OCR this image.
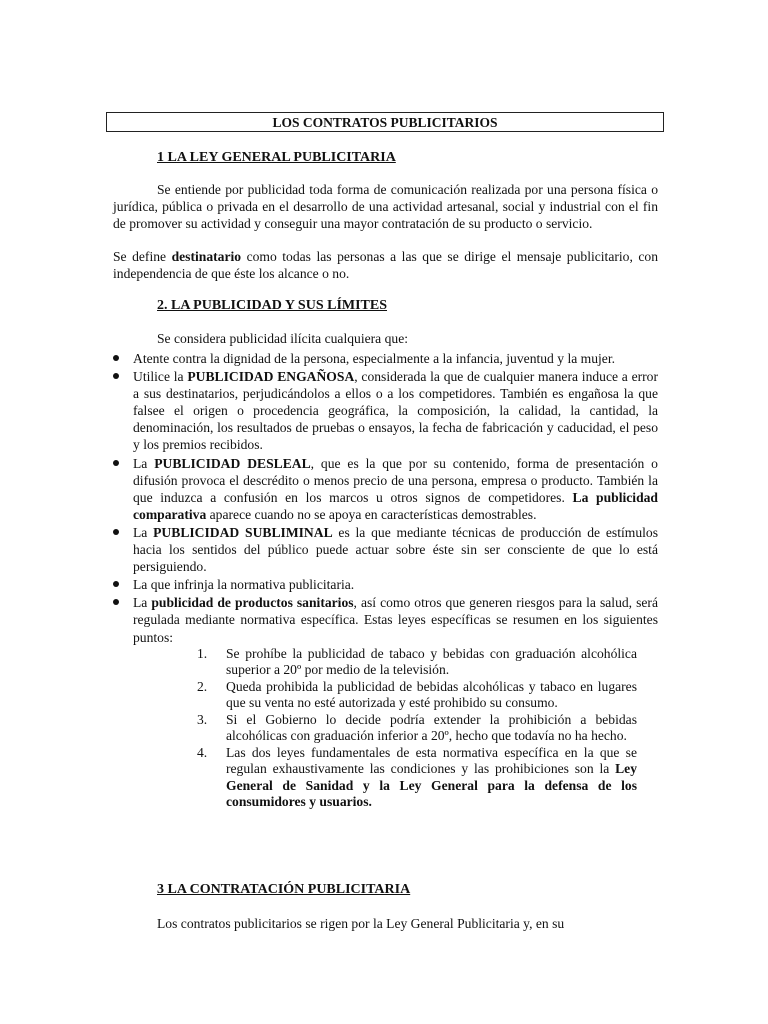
LOS CONTRATOS PUBLICITARIOS
1 LA LEY GENERAL PUBLICITARIA

Se entiende por publicidad toda forma de comunicación realizada por una persona física o jurídica, pública o privada en el desarrollo de una actividad artesanal, social y industrial con el fin de promover su actividad y conseguir una mayor contratación de su producto o servicio.

Se define destinatario como todas las personas a las que se dirige el mensaje publicitario, con independencia de que éste los alcance o no.

2. LA PUBLICIDAD Y SUS LÍMITES

Se considera publicidad ilícita cualquiera que:

Atente contra la dignidad de la persona, especialmente a la infancia, juventud y la mujer.
Utilice la PUBLICIDAD ENGAÑOSA, considerada la que de cualquier manera induce a error a sus destinatarios, perjudicándolos a ellos o a los competidores. También es engañosa la que falsee el origen o procedencia geográfica, la composición, la calidad, la cantidad, la denominación, los resultados de pruebas o ensayos, la fecha de fabricación y caducidad, el peso y los premios recibidos.
La PUBLICIDAD DESLEAL, que es la que por su contenido, forma de presentación o difusión provoca el descrédito o menos precio de una persona, empresa o producto. También la que induzca a confusión en los marcos u otros signos de competidores. La publicidad comparativa aparece cuando no se apoya en características demostrables.
La PUBLICIDAD SUBLIMINAL es la que mediante técnicas de producción de estímulos hacia los sentidos del público puede actuar sobre éste sin ser consciente de que lo está persiguiendo.
La que infrinja la normativa publicitaria.
La publicidad de productos sanitarios, así como otros que generen riesgos para la salud, será regulada mediante normativa específica. Estas leyes específicas se resumen en los siguientes puntos:
1. Se prohíbe la publicidad de tabaco y bebidas con graduación alcohólica superior a 20º por medio de la televisión.
2. Queda prohibida la publicidad de bebidas alcohólicas y tabaco en lugares que su venta no esté autorizada y esté prohibido su consumo.
3. Si el Gobierno lo decide podría extender la prohibición a bebidas alcohólicas con graduación inferior a 20º, hecho que todavía no ha hecho.
4. Las dos leyes fundamentales de esta normativa específica en la que se regulan exhaustivamente las condiciones y las prohibiciones son la Ley General de Sanidad y la Ley General para la defensa de los consumidores y usuarios.
3 LA CONTRATACIÓN PUBLICITARIA

Los contratos publicitarios se rigen por la Ley General Publicitaria y, en su
